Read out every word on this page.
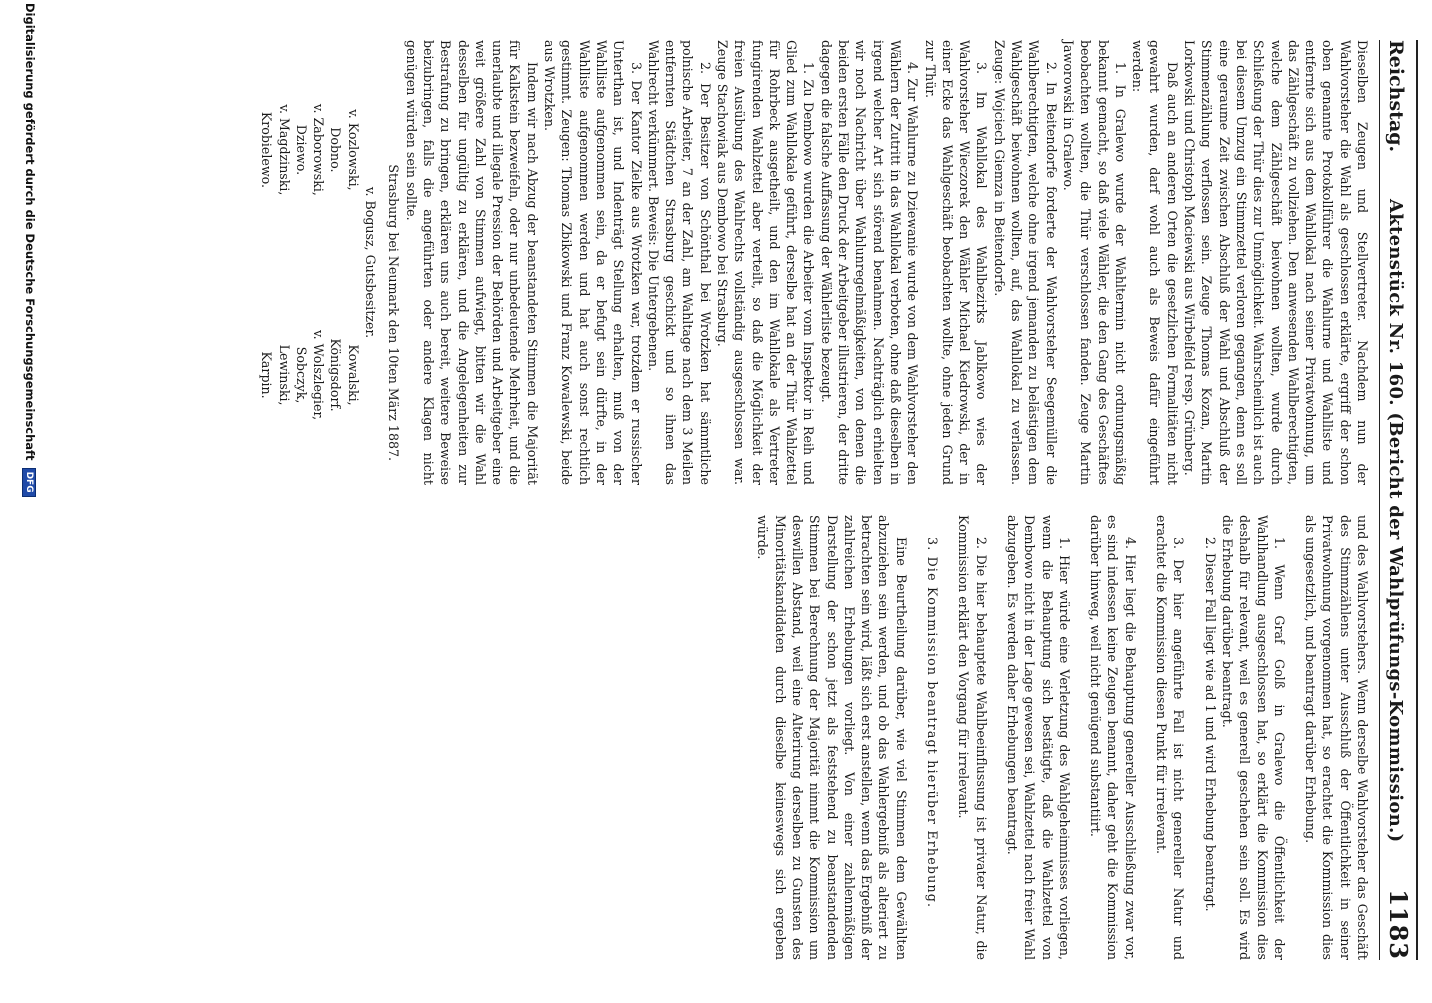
Reichstag.
Aktenstück Nr. 160. (Bericht der Wahlprüfungs-Kommission.)
1183

Dieselben Zeugen und Stellvertreter. Nachdem nun der Wahlvorsteher die Wahl als geschlossen erklärte, ergriff der schon oben genannte Protokollführer die Wahlurne und Wahlliste und entfernte sich aus dem Wahllokal nach seiner Privatwohnung, um das Zählgeschäft zu vollziehen. Den anwesenden Wahlberechtigten, welche dem Zählgeschäft beiwohnen wollten, wurde durch Schließung der Thür dies zur Unmöglichkeit. Wahrscheinlich ist auch bei diesem Umzug ein Stimmzettel verloren gegangen, denn es soll eine geraume Zeit zwischen Abschluß der Wahl und Abschluß der Stimmenzählung verflossen sein. Zeuge Thomas Kozan, Martin Lorkowski und Christoph Maciewski aus Wirbelfeld resp. Grünberg.

Daß auch an anderen Orten die gesetzlichen Formalitäten nicht gewahrt wurden, darf wohl auch als Beweis dafür eingeführt werden:

1. In Gralewo wurde der Wahltermin nicht ordnungsmäßig bekannt gemacht, so daß viele Wähler, die den Gang des Geschäftes beobachten wollten, die Thür verschlossen fanden. Zeuge Martin Jaworowski in Gralewo.

2. In Beitendorfe forderte der Wahlvorsteher Seegemüller die Wahlberechtigten, welche ohne irgend jemanden zu belästigen dem Wahlgeschäft beiwohnen wollten, auf, das Wahllokal zu verlassen. Zeuge: Wojciech Giemza in Beitendorfe.

3. Im Wahllokal des Wahlbezirks Jablkowo wies der Wahlvorsteher Wieczorek den Wähler Michael Kiedrowski, der in einer Ecke das Wahlgeschäft beobachten wollte, ohne jeden Grund zur Thür.

4. Zur Wahlurne zu Dziewanie wurde von dem Wahlvorsteher den Wählern der Zutritt in das Wahllokal verboten, ohne daß dieselben in irgend welcher Art sich störend benahmen. Nachträglich erhielten wir noch Nachricht über Wahlunregelmäßigkeiten, von denen die beiden ersten Fälle den Druck der Arbeitgeber illustrieren, der dritte dagegen die falsche Auffassung der Wählerliste bezeugt.

1. Zu Dembowo wurden die Arbeiter vom Inspektor in Reih und Glied zum Wahllokale geführt, derselbe hat an der Thür Wahlzettel für Rohrbeck ausgetheilt, und den im Wahllokale als Vertreter fungirenden Wahlzettel aber verteilt, so daß die Möglichkeit der freien Ausübung des Wahlrechts vollständig ausgeschlossen war. Zeuge Stachowiak aus Dembowo bei Strasburg.

2. Der Besitzer von Schönthal bei Wrotzken hat sämmtliche polnische Arbeiter, 7 an der Zahl, am Wahltage nach dem 3 Meilen entfernten Städtchen Strasburg geschickt und so ihnen das Wahlrecht verkümmert. Beweis: Die Untergebenen.

3. Der Kantor Zielke aus Wrotzken war, trotzdem er russischer Unterthan ist, und Indenträgt Stellung erhalten, muß von der Wahlliste aufgenommen sein, da er befugt sein dürfte, in der Wahlliste aufgenommen werden und hat auch sonst rechtlich gestimmt. Zeugen: Thomas Zbikowski und Franz Kowalewski, beide aus Wrotzken.

Indem wir nach Abzug der beanstandeten Stimmen die Majorität für Kalkstein bezweifeln, oder nur unbedeutende Mehrheit, und die unerlaubte und illegale Pression der Behörden und Arbeitgeber eine weit größere Zahl von Stimmen aufwiegt, bitten wir die Wahl desselben für ungültig zu erklären, und die Angelegenheiten zur Bestrafung zu bringen, erklären uns auch bereit, weitere Beweise beizubringen, falls die angeführten oder andere Klagen nicht genügen würden sein sollte.

Strasburg bei Neumark den 10ten März 1887.

v. Bogusz, Gutsbesitzer.
v. Kozlowski,
Kowalski,
Dobno.
Königsdorf.
v. Zaborowski,
v. Wolszlegier,
Dziewo.
Sobczyk,
v. Magdzinski,
Lewinski,
Krobielewo.
Karpin.

und des Wahlvorstehers. Wenn derselbe Wahlvorsteher das Geschäft des Stimmzählens unter Ausschluß der Öffentlichkeit in seiner Privatwohnung vorgenommen hat, so erachtet die Kommission dies als ungesetzlich, und beantragt darüber Erhebung.

1. Wenn Graf Golß in Gralewo die Öffentlichkeit der Wahlhandlung ausgeschlossen hat, so erklärt die Kommission dies deshalb für relevant, weil es generell geschehen sein soll. Es wird die Erhebung darüber beantragt.

2. Dieser Fall liegt wie ad 1 und wird Erhebung beantragt.

3. Der hier angeführte Fall ist nicht genereller Natur und erachtet die Kommission diesen Punkt für irrelevant.

4. Hier liegt die Behauptung genereller Ausschließung zwar vor, es sind indessen keine Zeugen benannt, daher geht die Kommission darüber hinweg, weil nicht genügend substantiirt.

1. Hier würde eine Verletzung des Wahlgeheimnisses vorliegen, wenn die Behauptung sich bestätigte, daß die Wahlzettel von Dembowo nicht in der Lage gewesen sei, Wahlzettel nach freier Wahl abzugeben. Es werden daher Erhebungen beantragt.

2. Die hier behauptete Wahlbeeinflussung ist privater Natur, die Kommission erklärt den Vorgang für irrelevant.

3. Die Kommission beantragt hierüber Erhebung.

Eine Beurtheilung darüber, wie viel Stimmen dem Gewählten abzuziehen sein werden, und ob das Wahlergebniß als alteriert zu betrachten sein wird, läßt sich erst anstellen, wenn das Ergebniß der zahlreichen Erhebungen vorliegt. Von einer zahlenmäßigen Darstellung der schon jetzt als feststehend zu beanstandenden Stimmen bei Berechnung der Majorität nimmt die Kommission um deswillen Abstand, weil eine Alterirung derselben zu Gunsten des Minoritätskandidaten durch dieselbe keineswegs sich ergeben würde.

Digitalisierung gefördert durch die Deutsche Forschungsgemeinschaft DFG
